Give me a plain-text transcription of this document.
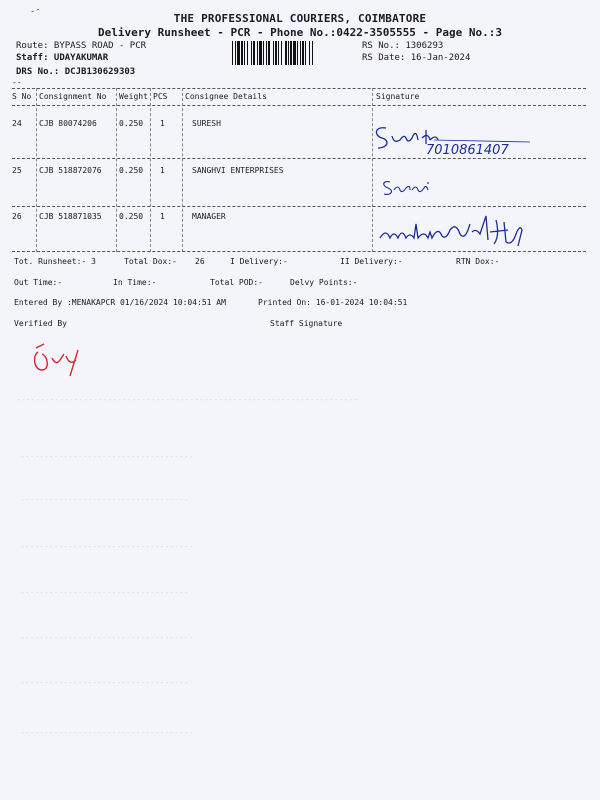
--
THE PROFESSIONAL COURIERS, COIMBATORE
Delivery Runsheet - PCR - Phone No.:0422-3505555 - Page No.:3
Route: BYPASS ROAD - PCR
Staff: UDAYAKUMAR
DRS No.: DCJB130629303
RS No.: 1306293
RS Date: 16-Jan-2024
--
S No Consignment No Weight PCS Consignee Details	Signature
24 CJB 80074206	0.250 1	SURESH
7010861407
25 CJB 518872076 0.250 1	SANGHVI ENTERPRISES
26 CJB 518871035 0.250 1	MANAGER
Tot. Runsheet:- 3	Total Dox:- 26	I Delivery:-	II Delivery:-	RTN Dox:-
Out Time:-	In Time:-	Total POD:-	Delvy Points:-
Entered By :MENAKAPCR 01/16/2024 10:04:51 AM	Printed On: 16-01-2024 10:04:51
Verified By	Staff Signature
-----------------------------------------------------------------------
------------------------------------
-----------------------------------
------------------------------------
-----------------------------------
------------------------------------
-----------------------------------
------------------------------------
